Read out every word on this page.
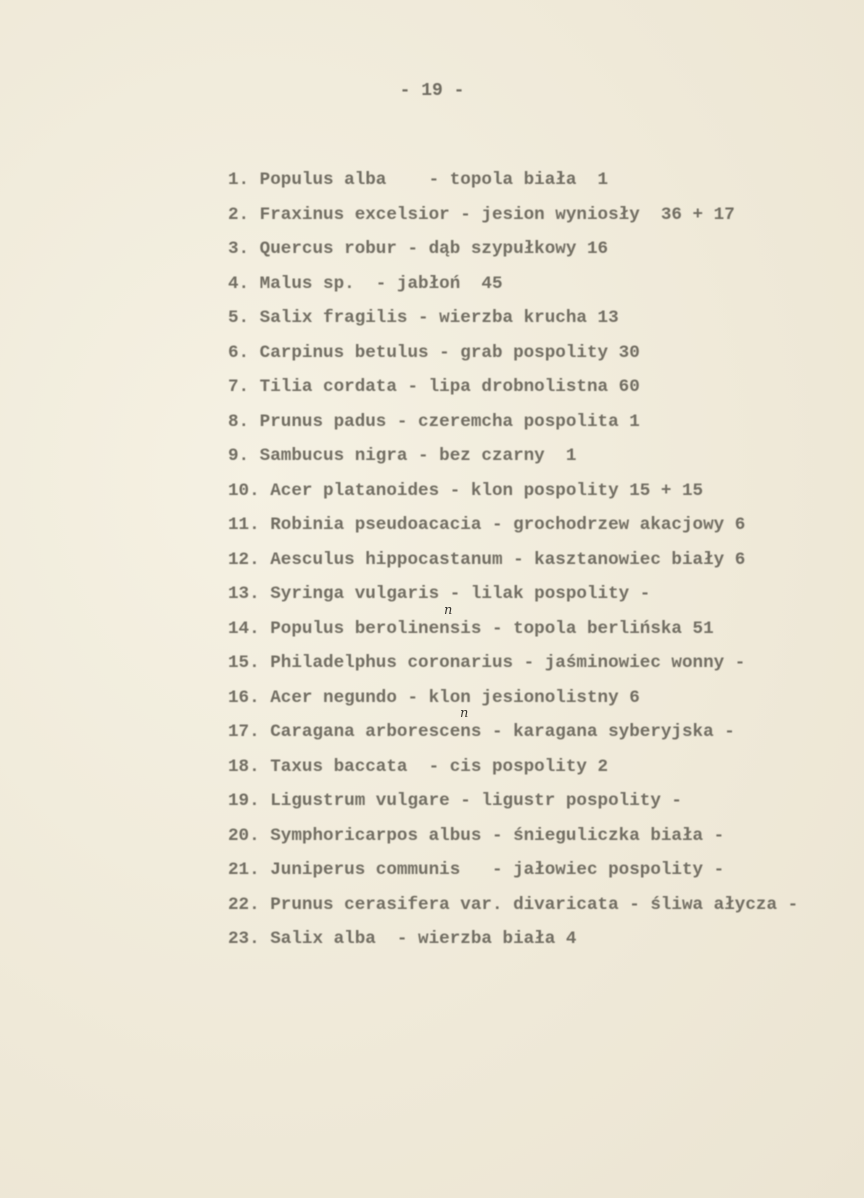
- 19 -
1. Populus alba    - topola biała  1
2. Fraxinus excelsior - jesion wyniosły  36 + 17
3. Quercus robur - dąb szypułkowy 16
4. Malus sp.  - jabłoń  45
5. Salix fragilis - wierzba krucha 13
6. Carpinus betulus - grab pospolity 30
7. Tilia cordata - lipa drobnolistna 60
8. Prunus padus - czeremcha pospolita 1
9. Sambucus nigra - bez czarny  1
10. Acer platanoides - klon pospolity 15 + 15
11. Robinia pseudoacacia - grochodrzew akacjowy 6
12. Aesculus hippocastanum - kasztanowiec biały 6
13. Syringa vulgaris - lilak pospolity -
14. Populus berolinensis - topola berlińska 51
15. Philadelphus coronarius - jaśminowiec wonny -
16. Acer negundo - klon jesionolistny 6
17. Caragana arborescens - karagana syberyjska -
18. Taxus baccata  - cis pospolity 2
19. Ligustrum vulgare - ligustr pospolity -
20. Symphoricarpos albus - śnieguliczka biała -
21. Juniperus communis   - jałowiec pospolity -
22. Prunus cerasifera var. divaricata - śliwa ałycza -
23. Salix alba  - wierzba biała 4
n
n
